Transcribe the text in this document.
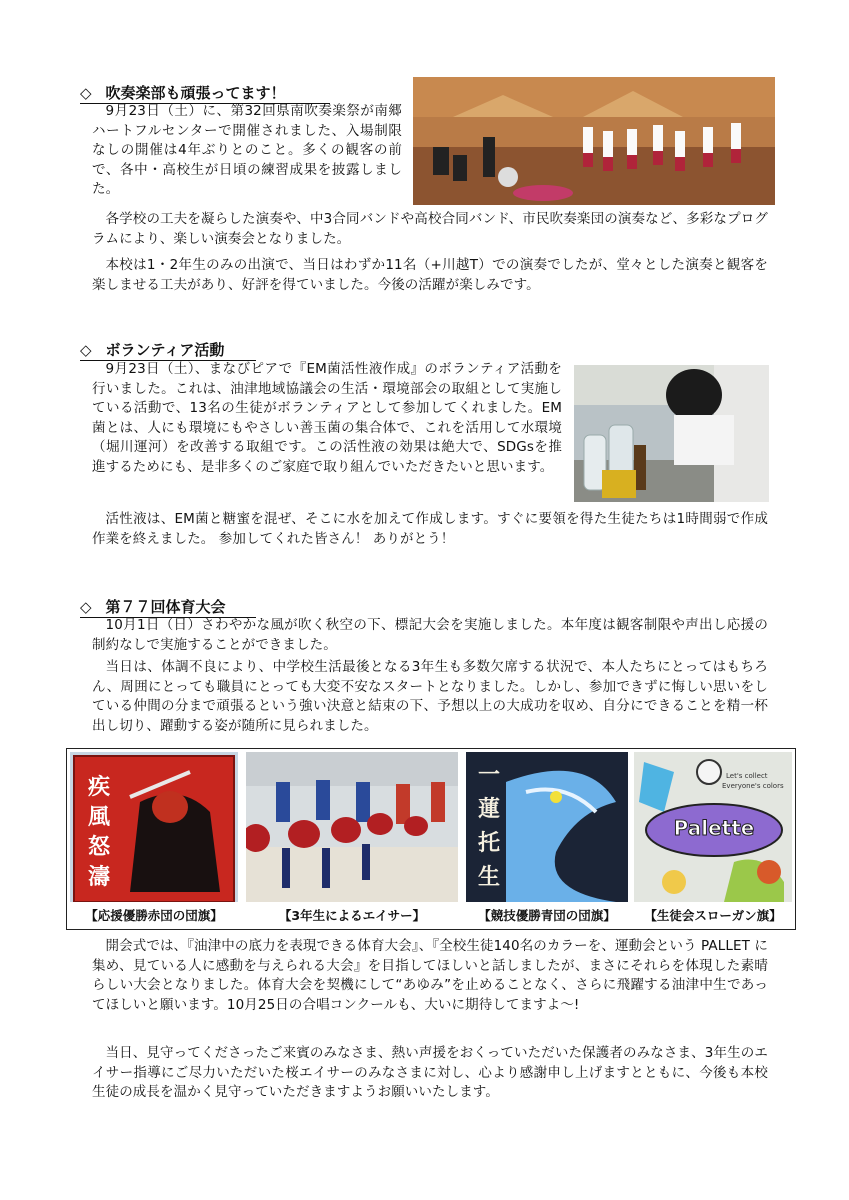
◇ 吹奏楽部も頑張ってます！

9月23日（土）に、第32回県南吹奏楽祭が南郷ハートフルセンターで開催されました、入場制限なしの開催は4年ぶりとのこと。多くの観客の前で、各中・高校生が日頃の練習成果を披露しました。

各学校の工夫を凝らした演奏や、中3合同バンドや高校合同バンド、市民吹奏楽団の演奏など、多彩なプログラムにより、楽しい演奏会となりました。

本校は1・2年生のみの出演で、当日はわずか11名（+川越T）での演奏でしたが、堂々とした演奏と観客を楽しませる工夫があり、好評を得ていました。今後の活躍が楽しみです。

◇ ボランティア活動

9月23日（土）、まなびピアで『EM菌活性液作成』のボランティア活動を行いました。これは、油津地域協議会の生活・環境部会の取組として実施している活動で、13名の生徒がボランティアとして参加してくれました。EM菌とは、人にも環境にもやさしい善玉菌の集合体で、これを活用して水環境（堀川運河）を改善する取組です。この活性液の効果は絶大で、SDGsを推進するためにも、是非多くのご家庭で取り組んでいただきたいと思います。

活性液は、EM菌と糖蜜を混ぜ、そこに水を加えて作成します。すぐに要領を得た生徒たちは1時間弱で作成作業を終えました。 参加してくれた皆さん！ ありがとう！

◇ 第７７回体育大会

10月1日（日）さわやかな風が吹く秋空の下、標記大会を実施しました。本年度は観客制限や声出し応援の制約なしで実施することができました。

当日は、体調不良により、中学校生活最後となる3年生も多数欠席する状況で、本人たちにとってはもちろん、周囲にとっても職員にとっても大変不安なスタートとなりました。しかし、参加できずに悔しい思いをしている仲間の分まで頑張るという強い決意と結束の下、予想以上の大成功を収め、自分にできることを精一杯出し切り、躍動する姿が随所に見られました。

疾
風
怒
濤
一
蓮
托
生
Palette
Let's collect
Everyone's colors
【応援優勝赤団の団旗】	【3年生によるエイサー】	【競技優勝青団の団旗】	【生徒会スローガン旗】

開会式では、『油津中の底力を表現できる体育大会』、『全校生徒140名のカラーを、運動会という PALLET に集め、見ている人に感動を与えられる大会』を目指してほしいと話しましたが、まさにそれらを体現した素晴らしい大会となりました。体育大会を契機にして“あゆみ”を止めることなく、さらに飛躍する油津中生であってほしいと願います。10月25日の合唱コンクールも、大いに期待してますよ〜!

当日、見守ってくださったご来賓のみなさま、熱い声援をおくっていただいた保護者のみなさま、3年生のエイサー指導にご尽力いただいた桜エイサーのみなさまに対し、心より感謝申し上げますとともに、今後も本校生徒の成長を温かく見守っていただきますようお願いいたします。
